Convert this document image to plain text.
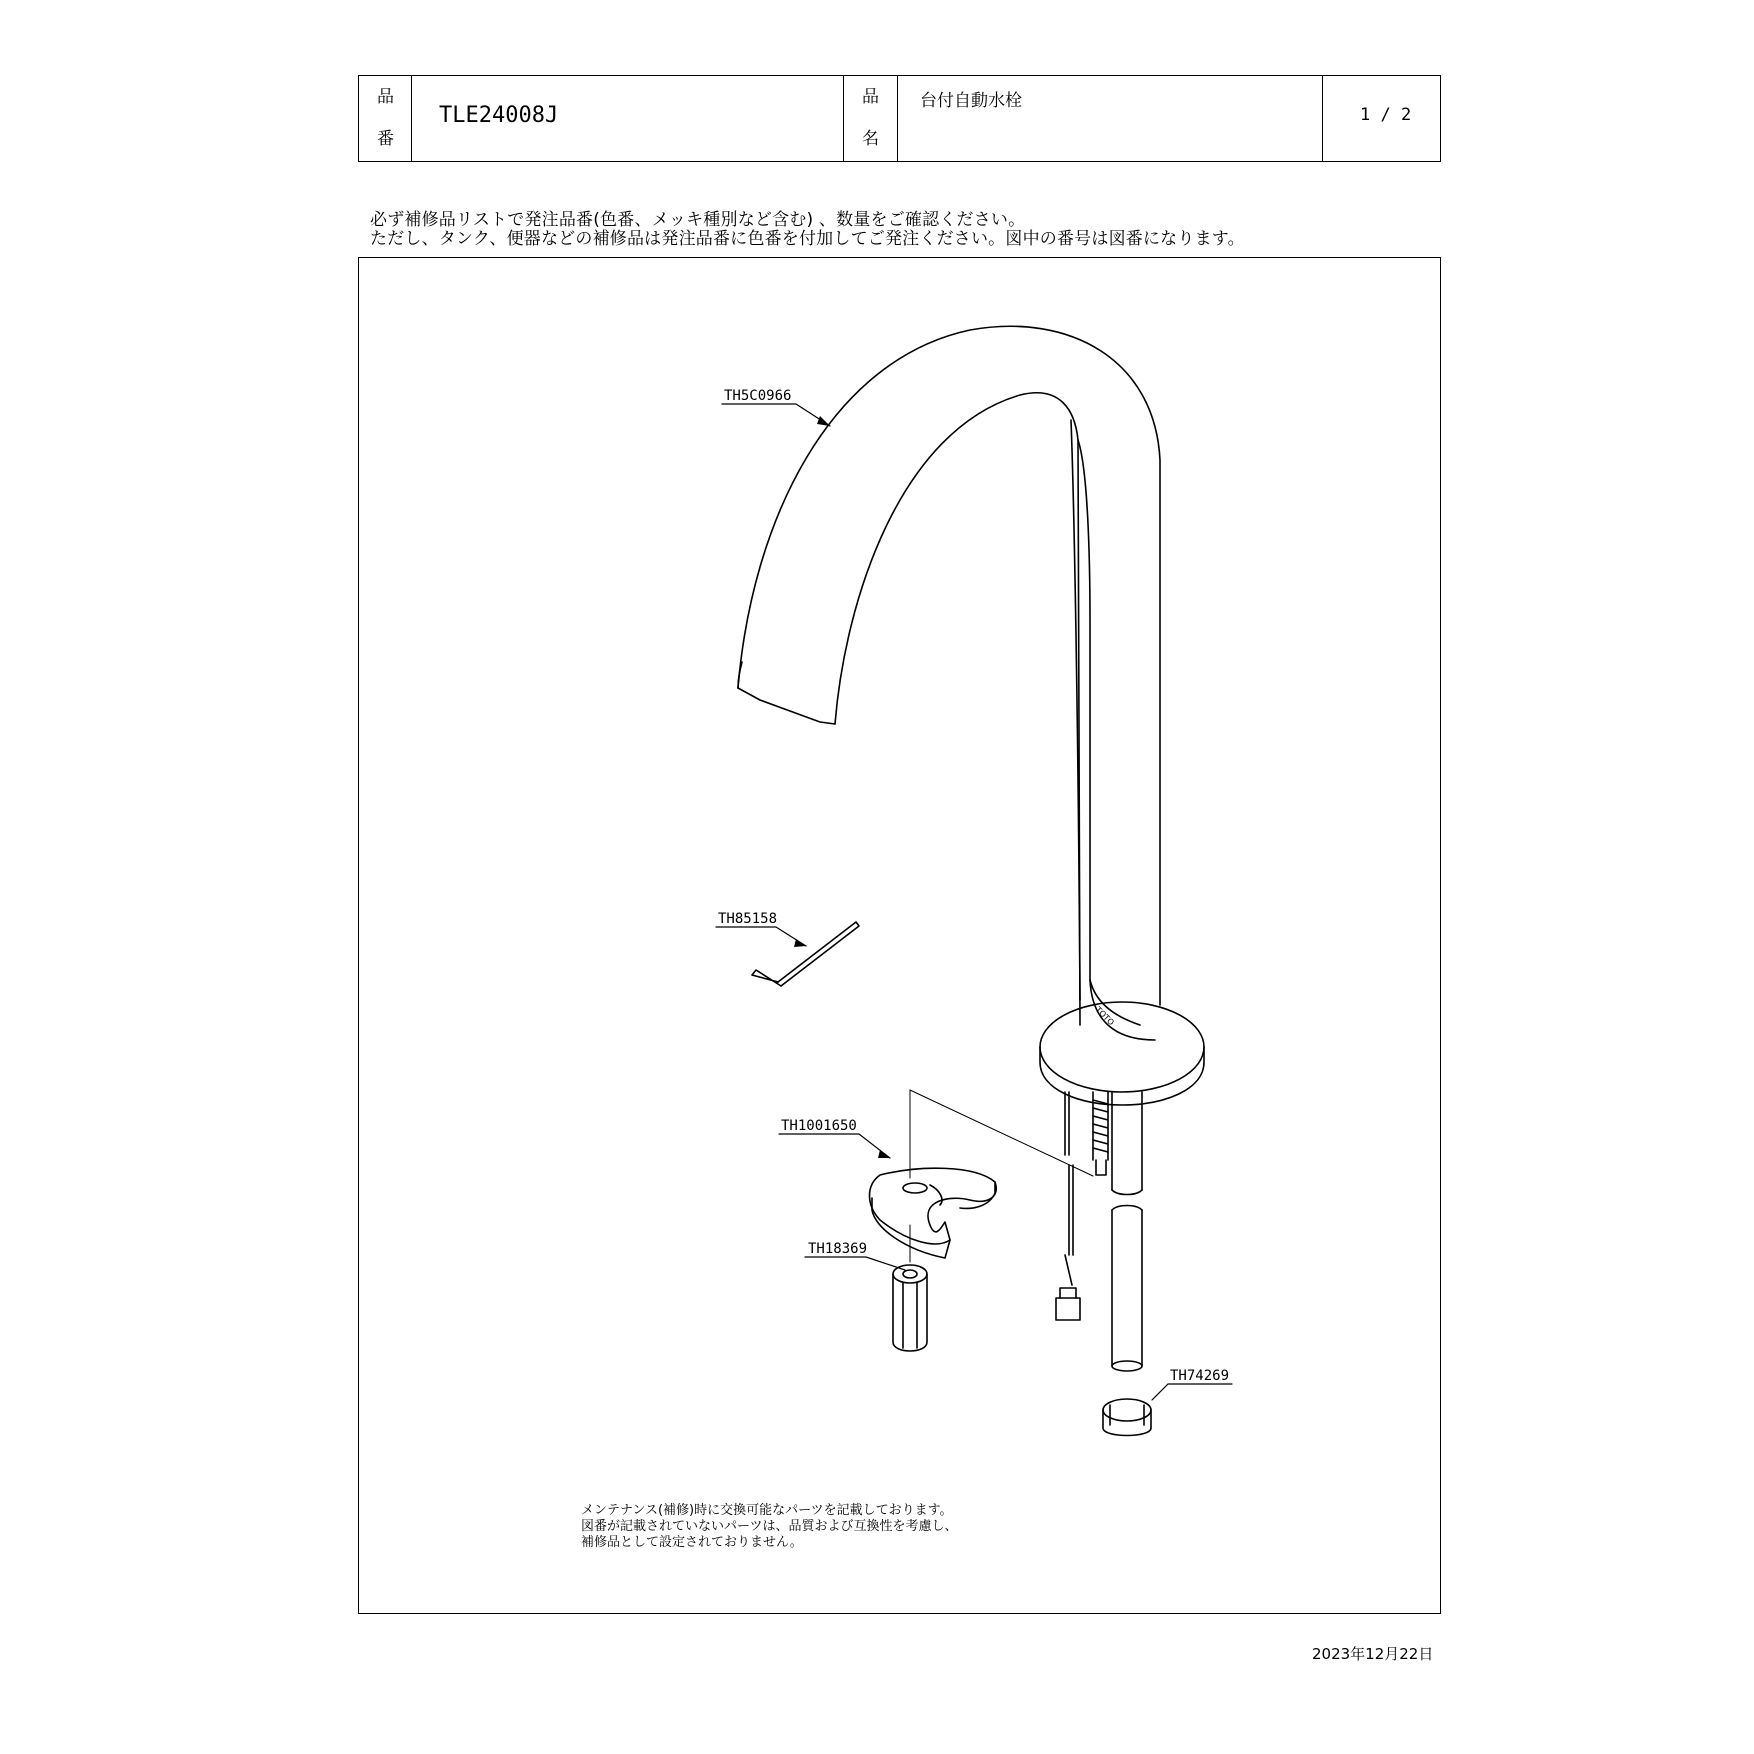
品
番
TLE24008J
品
名
台付自動水栓
1 / 2
必ず補修品リストで発注品番(色番、メッキ種別など含む) 、数量をご確認ください。
ただし、タンク、便器などの補修品は発注品番に色番を付加してご発注ください。図中の番号は図番になります。
TOTO
TH5C0966
TH85158
TH1001650
TH18369
TH74269
メンテナンス(補修)時に交換可能なパーツを記載しております。
図番が記載されていないパーツは、品質および互換性を考慮し、
補修品として設定されておりません。
2023年12月22日
